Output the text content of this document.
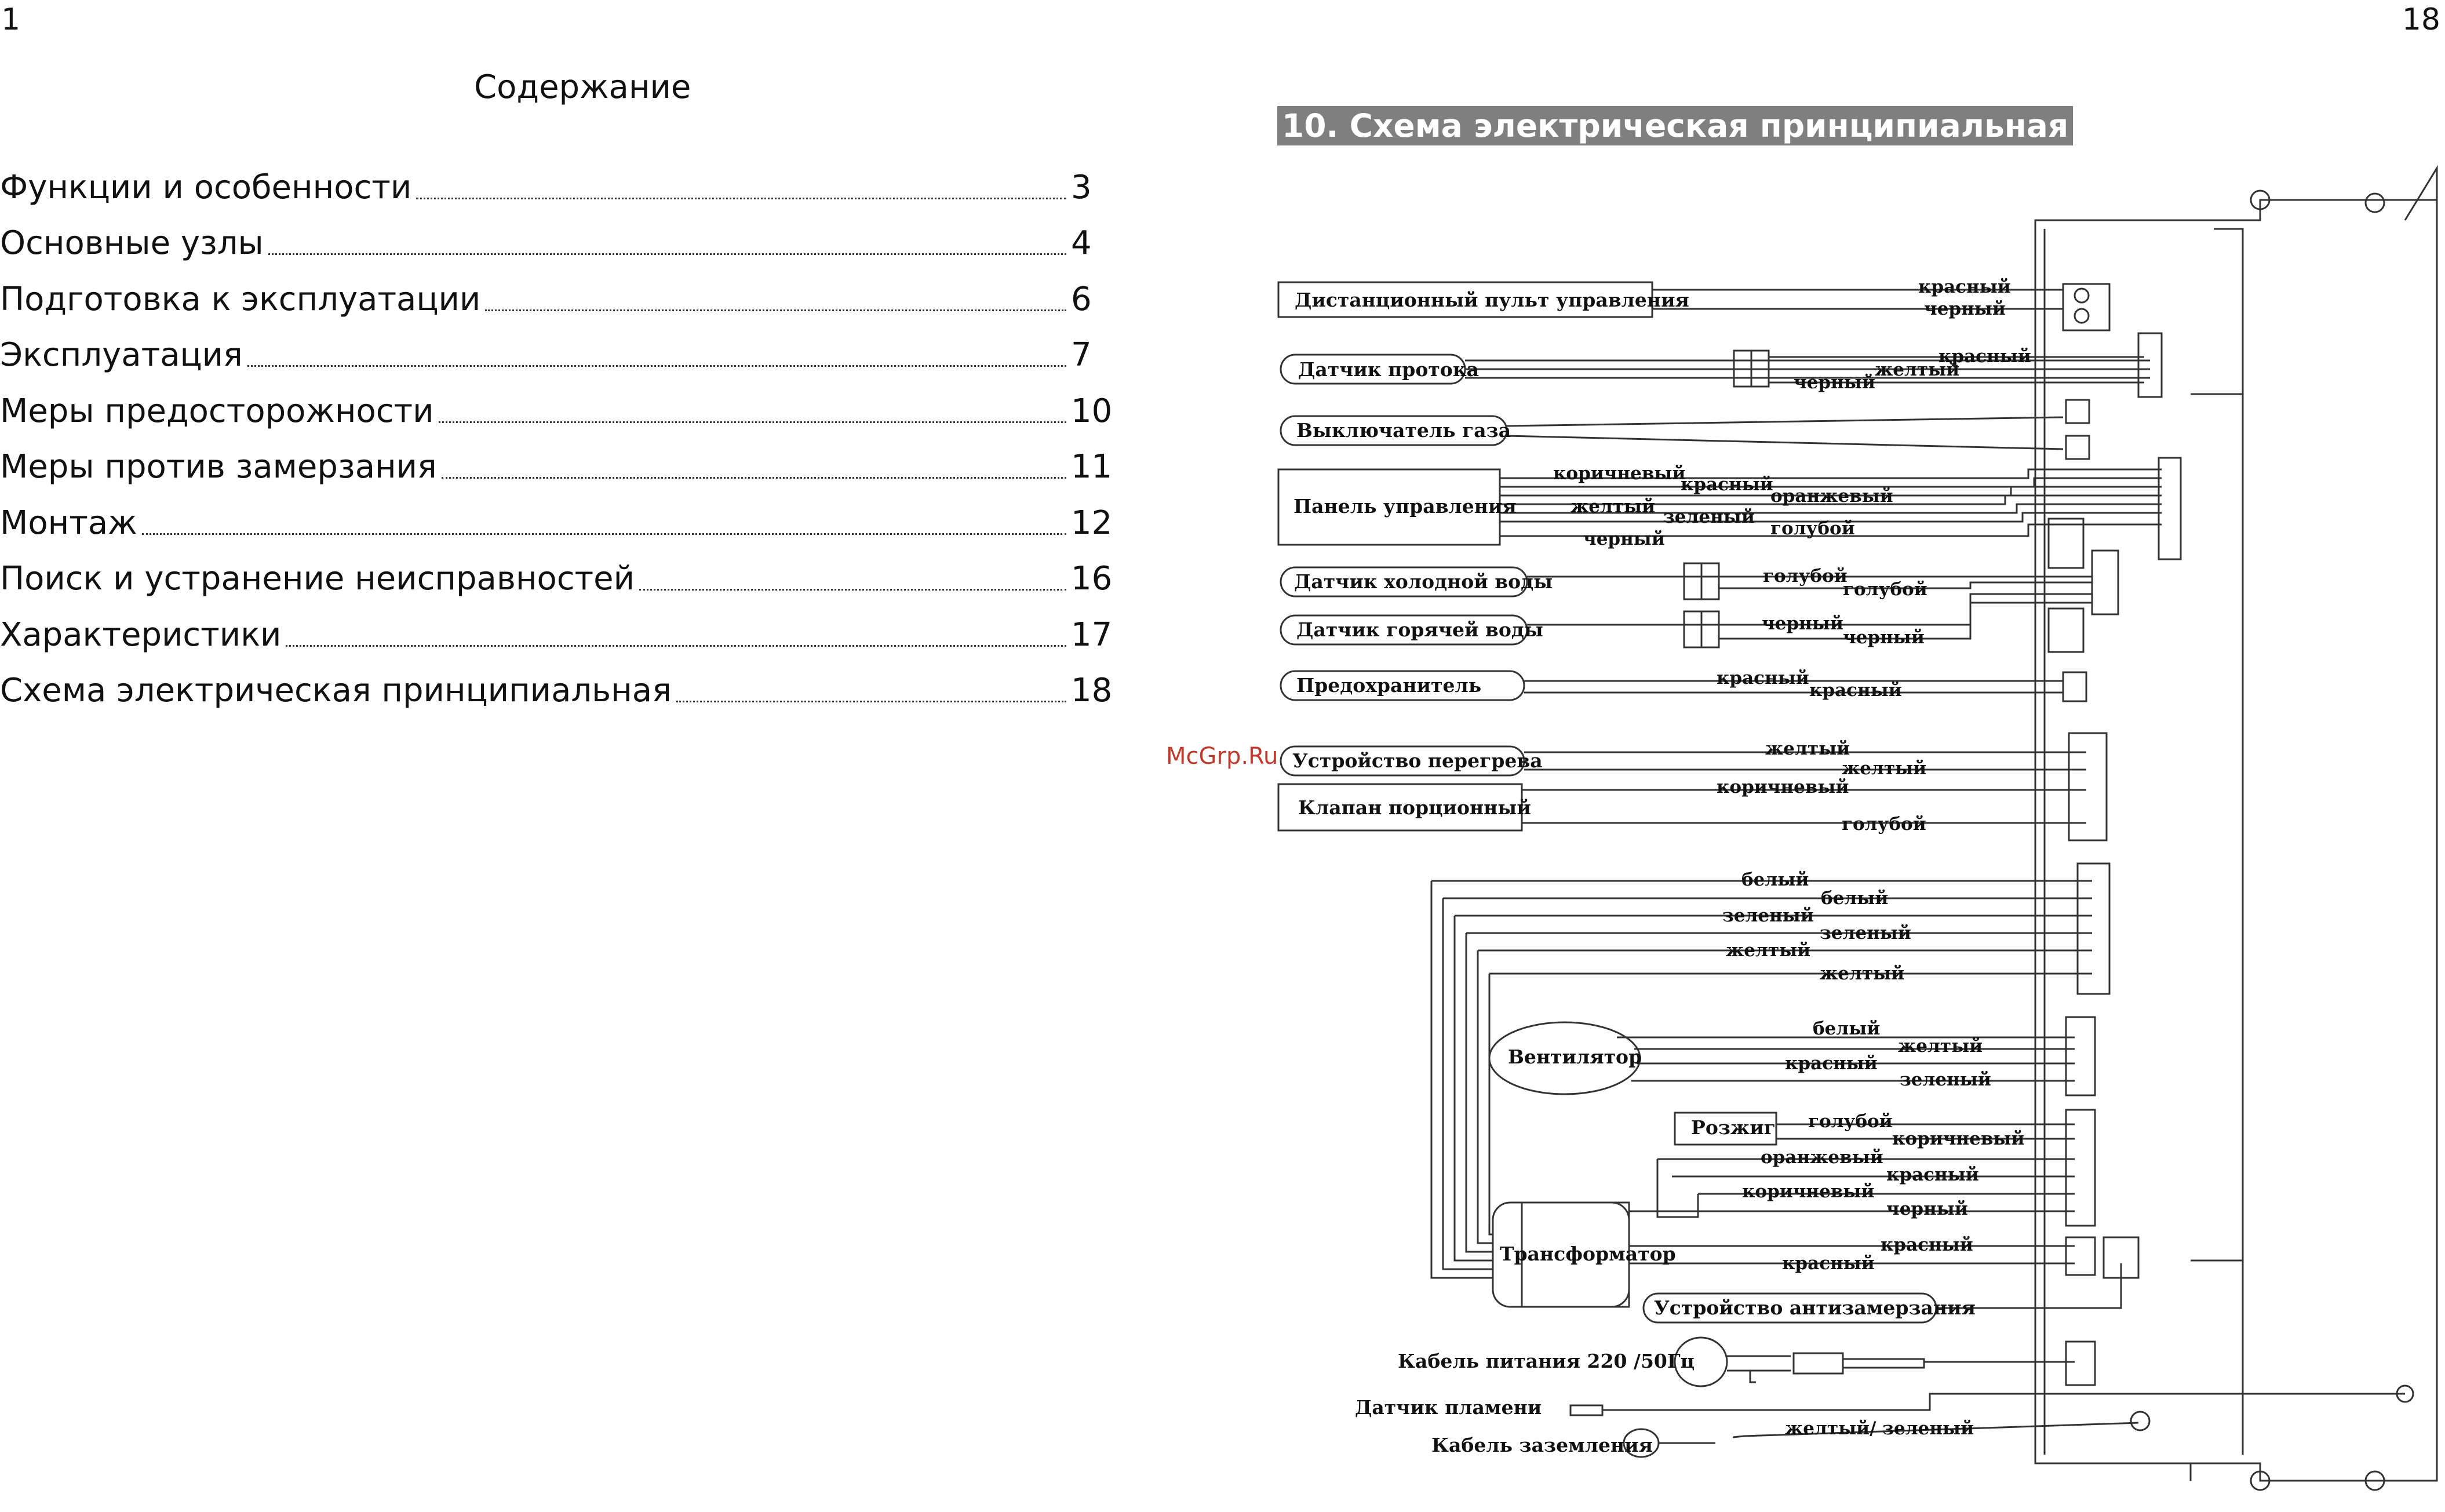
1	18
Содержание
Функции и особенности	3
Основные узлы	4
Подготовка к эксплуатации	6
Эксплуатация	7
Меры предосторожности	10
Меры против замерзания	11
Монтаж	12
Поиск и устранение неисправностей	16
Характеристики	17
Схема электрическая принципиальная	18
10. Схема электрическая принципиальная
McGrp.Ru
Дистанционный пульт управления
Датчик протока
Выключатель газа
Панель управления
Датчик холодной воды
Датчик горячей воды
Предохранитель
Устройство перегрева
Клапан порционный
Вентилятор
Розжиг
Трансформатор
Устройство антизамерзания
Кабель питания 220 /50Гц
Датчик пламени
Кабель заземления
красный
черный
красный
желтый
черный
коричневый
красный
оранжевый
желтый зеленый
голубой
черный
голубой
голубой
черный
черный
красный
красный
желтый
желтый
коричневый
голубой
белый
белый
зеленый
зеленый
желтый
желтый
белый
желтый
красный
зеленый
голубой
коричневый
оранжевый
красный
коричневый
черный
красный
красный
желтый/ зеленый
